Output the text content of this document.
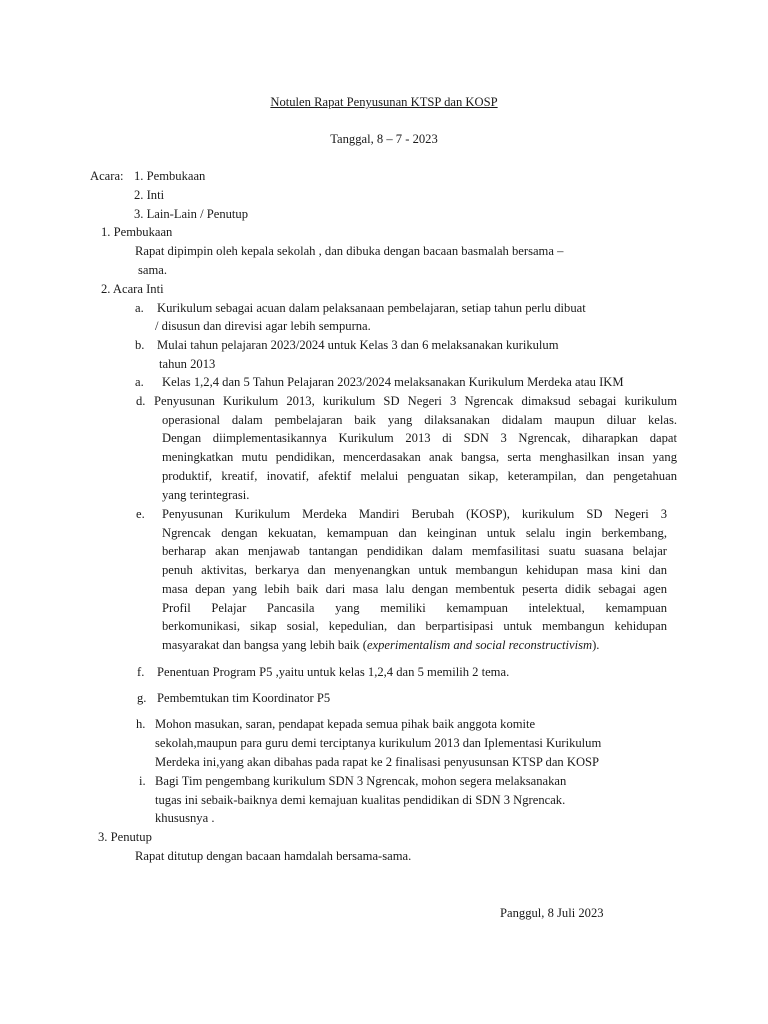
Notulen Rapat Penyusunan KTSP dan KOSP
Tanggal, 8 – 7 - 2023
Acara: 1. Pembukaan
2. Inti
3. Lain-Lain / Penutup
1. Pembukaan
Rapat dipimpin oleh kepala sekolah , dan dibuka dengan bacaan basmalah bersama –
sama.
2. Acara Inti
a. Kurikulum sebagai acuan dalam pelaksanaan pembelajaran, setiap tahun perlu dibuat
/ disusun dan direvisi agar lebih sempurna.
b. Mulai tahun pelajaran 2023/2024 untuk Kelas 3 dan 6 melaksanakan kurikulum
tahun 2013
a. Kelas 1,2,4 dan 5 Tahun Pelajaran 2023/2024 melaksanakan Kurikulum Merdeka atau IKM
d. Penyusunan Kurikulum 2013, kurikulum SD Negeri 3 Ngrencak dimaksud sebagai kurikulum
operasional dalam pembelajaran baik yang dilaksanakan didalam maupun diluar kelas.
Dengan diimplementasikannya Kurikulum 2013 di SDN 3 Ngrencak, diharapkan dapat
meningkatkan mutu pendidikan, mencerdasakan anak bangsa, serta menghasilkan insan yang
produktif, kreatif, inovatif, afektif melalui penguatan sikap, keterampilan, dan pengetahuan
yang terintegrasi.
e. Penyusunan Kurikulum Merdeka Mandiri Berubah (KOSP), kurikulum SD Negeri 3
Ngrencak dengan kekuatan, kemampuan dan keinginan untuk selalu ingin berkembang,
berharap akan menjawab tantangan pendidikan dalam memfasilitasi suatu suasana belajar
penuh aktivitas, berkarya dan menyenangkan untuk membangun kehidupan masa kini dan
masa depan yang lebih baik dari masa lalu dengan membentuk peserta didik sebagai agen
Profil Pelajar Pancasila yang memiliki kemampuan intelektual, kemampuan
berkomunikasi, sikap sosial, kepedulian, dan berpartisipasi untuk membangun kehidupan
masyarakat dan bangsa yang lebih baik (experimentalism and social reconstructivism).
f. Penentuan Program P5 ,yaitu untuk kelas 1,2,4 dan 5 memilih 2 tema.
g. Pembemtukan tim Koordinator P5
h. Mohon masukan, saran, pendapat kepada semua pihak baik anggota komite
sekolah,maupun para guru demi terciptanya kurikulum 2013 dan Iplementasi Kurikulum
Merdeka ini,yang akan dibahas pada rapat ke 2 finalisasi penyusunsan KTSP dan KOSP
i. Bagi Tim pengembang kurikulum SDN 3 Ngrencak, mohon segera melaksanakan
tugas ini sebaik-baiknya demi kemajuan kualitas pendidikan di SDN 3 Ngrencak.
khususnya .
3. Penutup
Rapat ditutup dengan bacaan hamdalah bersama-sama.
Panggul, 8 Juli 2023
